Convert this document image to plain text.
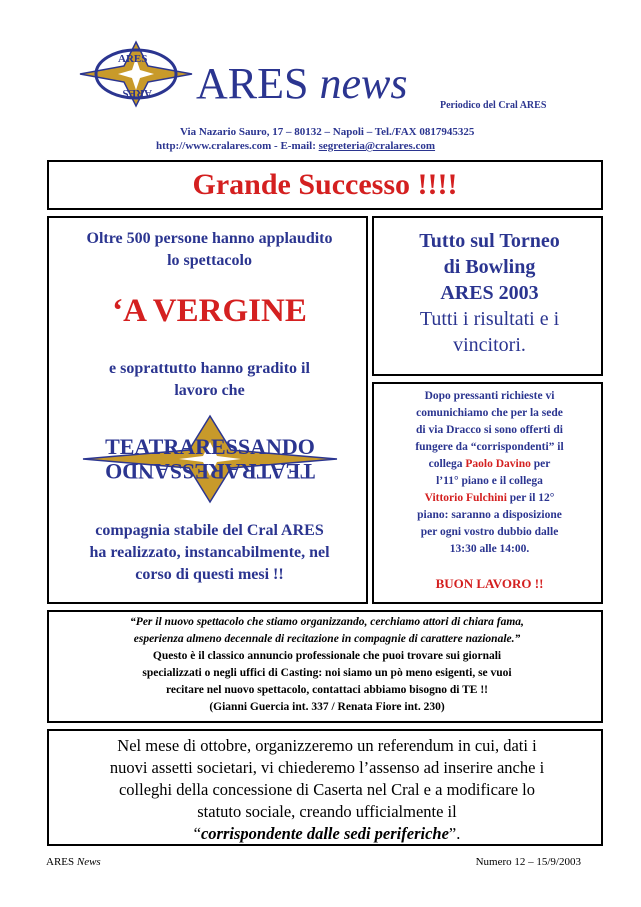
ARES
ARES ARES news	Periodico del Cral ARES
Via Nazario Sauro, 17 – 80132 – Napoli – Tel./FAX 0817945325
http://www.cralares.com - E-mail: segreteria@cralares.com
Grande Successo !!!!
Oltre 500 persone hanno applaudito
lo spettacolo
‘A VERGINE
e soprattutto hanno gradito il
lavoro che
TEATRARESSANDO
TEATRARESSANDO
compagnia stabile del Cral ARES
ha realizzato, instancabilmente, nel
corso di questi mesi !!
Tutto sul Torneo
di Bowling
ARES 2003
Tutti i risultati e i
vincitori.
Dopo pressanti richieste vi
comunichiamo che per la sede
di via Dracco si sono offerti di
fungere da “corrispondenti” il
collega Paolo Davino per
l’11° piano e il collega
Vittorio Fulchini per il 12°
piano: saranno a disposizione
per ogni vostro dubbio dalle
13:30 alle 14:00.
BUON LAVORO !!
“Per il nuovo spettacolo che stiamo organizzando, cerchiamo attori di chiara fama,
esperienza almeno decennale di recitazione in compagnie di carattere nazionale.”
Questo è il classico annuncio professionale che puoi trovare sui giornali
specializzati o negli uffici di Casting: noi siamo un pò meno esigenti, se vuoi
recitare nel nuovo spettacolo, contattaci abbiamo bisogno di TE !!
(Gianni Guercia int. 337 / Renata Fiore int. 230)
Nel mese di ottobre, organizzeremo un referendum in cui, dati i
nuovi assetti societari, vi chiederemo l’assenso ad inserire anche i
colleghi della concessione di Caserta nel Cral e a modificare lo
statuto sociale, creando ufficialmente il
“corrispondente dalle sedi periferiche”.
ARES News	Numero 12 – 15/9/2003
